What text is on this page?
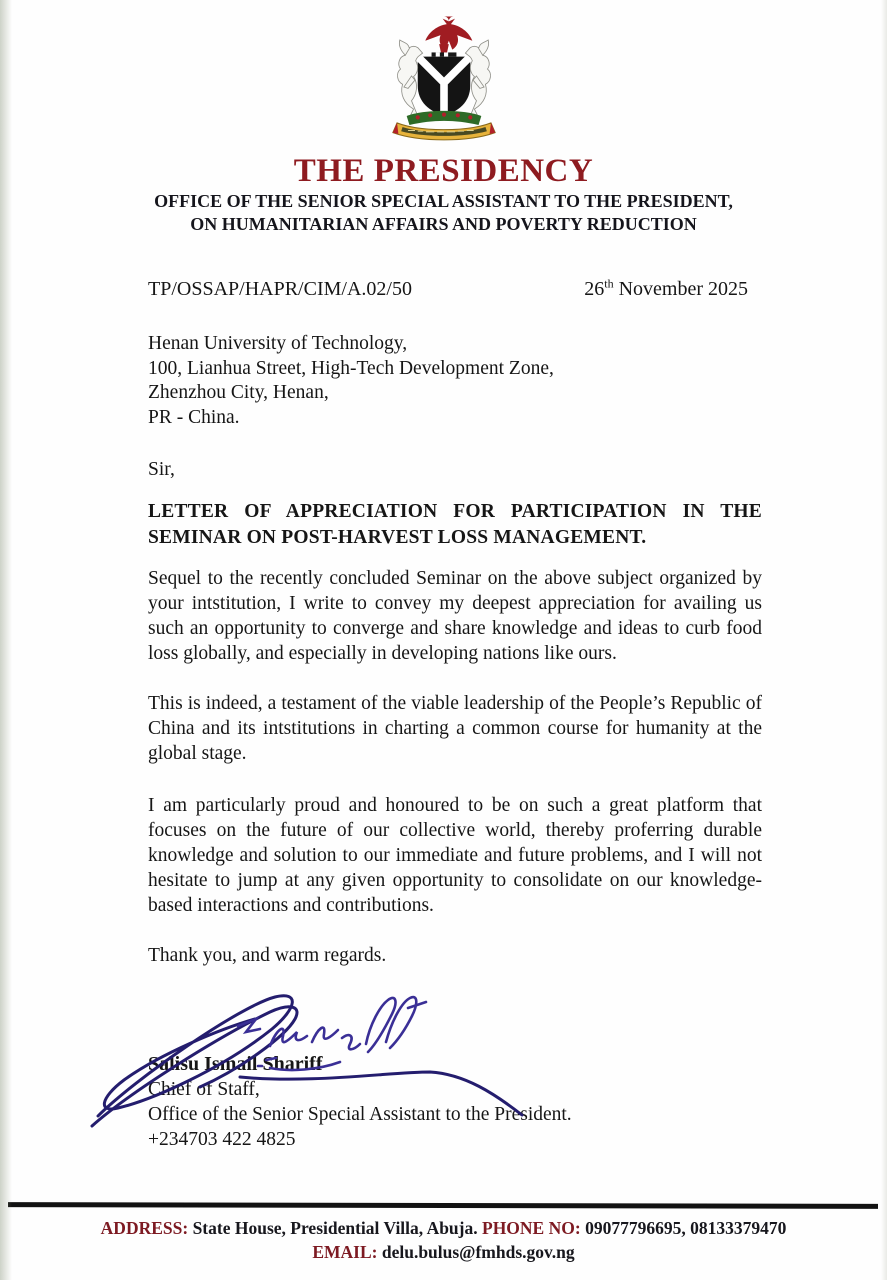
THE PRESIDENCY
OFFICE OF THE SENIOR SPECIAL ASSISTANT TO THE PRESIDENT,
ON HUMANITARIAN AFFAIRS AND POVERTY REDUCTION
TP/OSSAP/HAPR/CIM/A.02/50	26th November 2025
Henan University of Technology,
100, Lianhua Street, High-Tech Development Zone,
Zhenzhou City, Henan,
PR - China.
Sir,
LETTER OF APPRECIATION FOR PARTICIPATION IN THE SEMINAR ON POST-HARVEST LOSS MANAGEMENT.

Sequel to the recently concluded Seminar on the above subject organized by your intstitution, I write to convey my deepest appreciation for availing us such an opportunity to converge and share knowledge and ideas to curb food loss globally, and especially in developing nations like ours.

This is indeed, a testament of the viable leadership of the People’s Republic of China and its intstitutions in charting a common course for humanity at the global stage.

I am particularly proud and honoured to be on such a great platform that focuses on the future of our collective world, thereby proferring durable knowledge and solution to our immediate and future problems, and I will not hesitate to jump at any given opportunity to consolidate on our knowledge-based interactions and contributions.

Thank you, and warm regards.
Salisu Ismail Shariff
Chief of Staff,
Office of the Senior Special Assistant to the President.
+234703 422 4825
ADDRESS: State House, Presidential Villa, Abuja. PHONE NO: 09077796695, 08133379470
EMAIL: delu.bulus@fmhds.gov.ng
